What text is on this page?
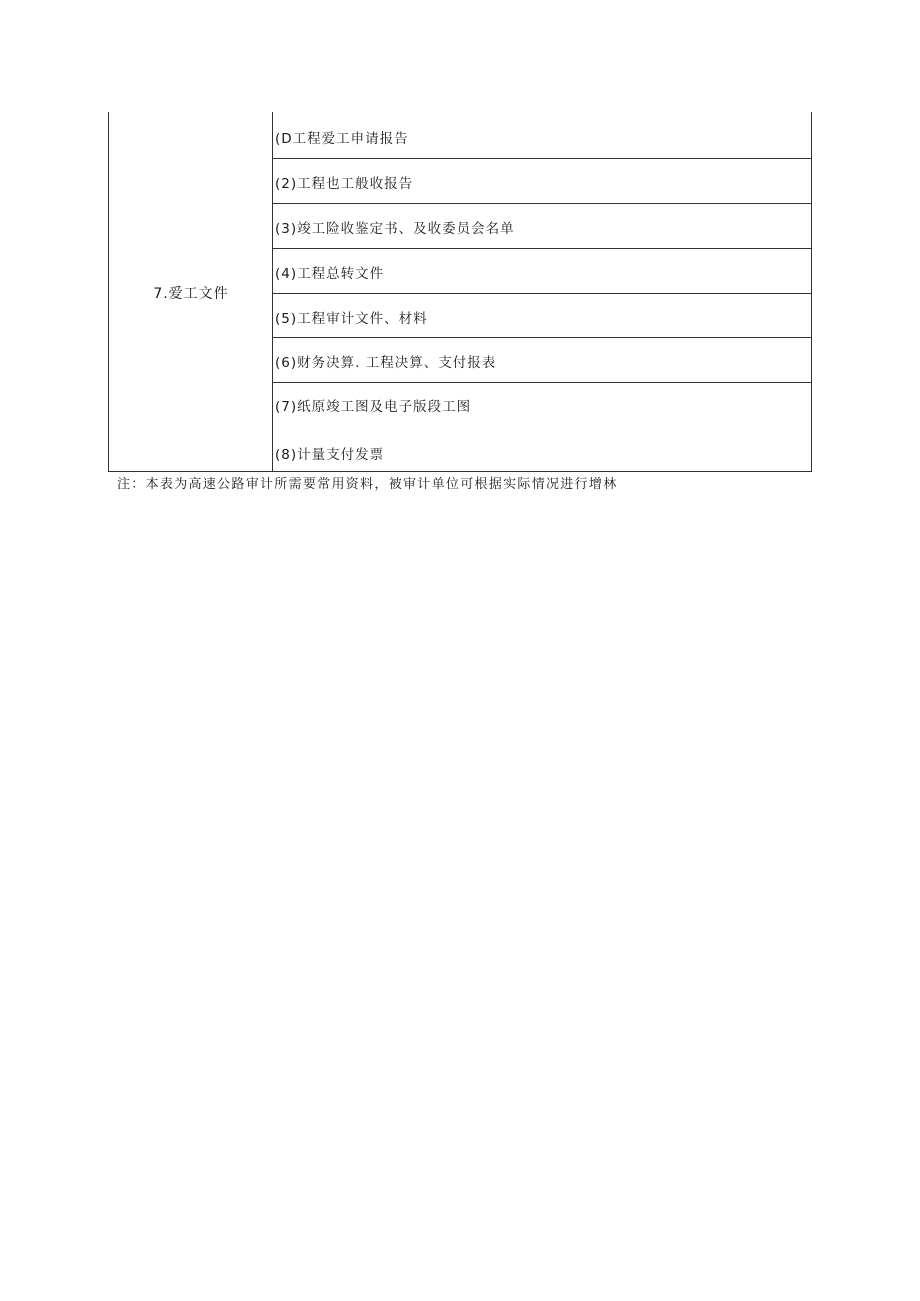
7.爱工文件
(D工程爱工申请报告
(2)工程也工般收报告
(3)竣工险收鉴定书、及收委员会名单
(4)工程总转文件
(5)工程审计文件、材料
(6)财务决算. 工程决算、支付报表
(7)纸原竣工图及电子版段工图
(8)计量支付发票
注：本表为高速公路审计所需要常用资料，被审计单位可根据实际情况进行增林
